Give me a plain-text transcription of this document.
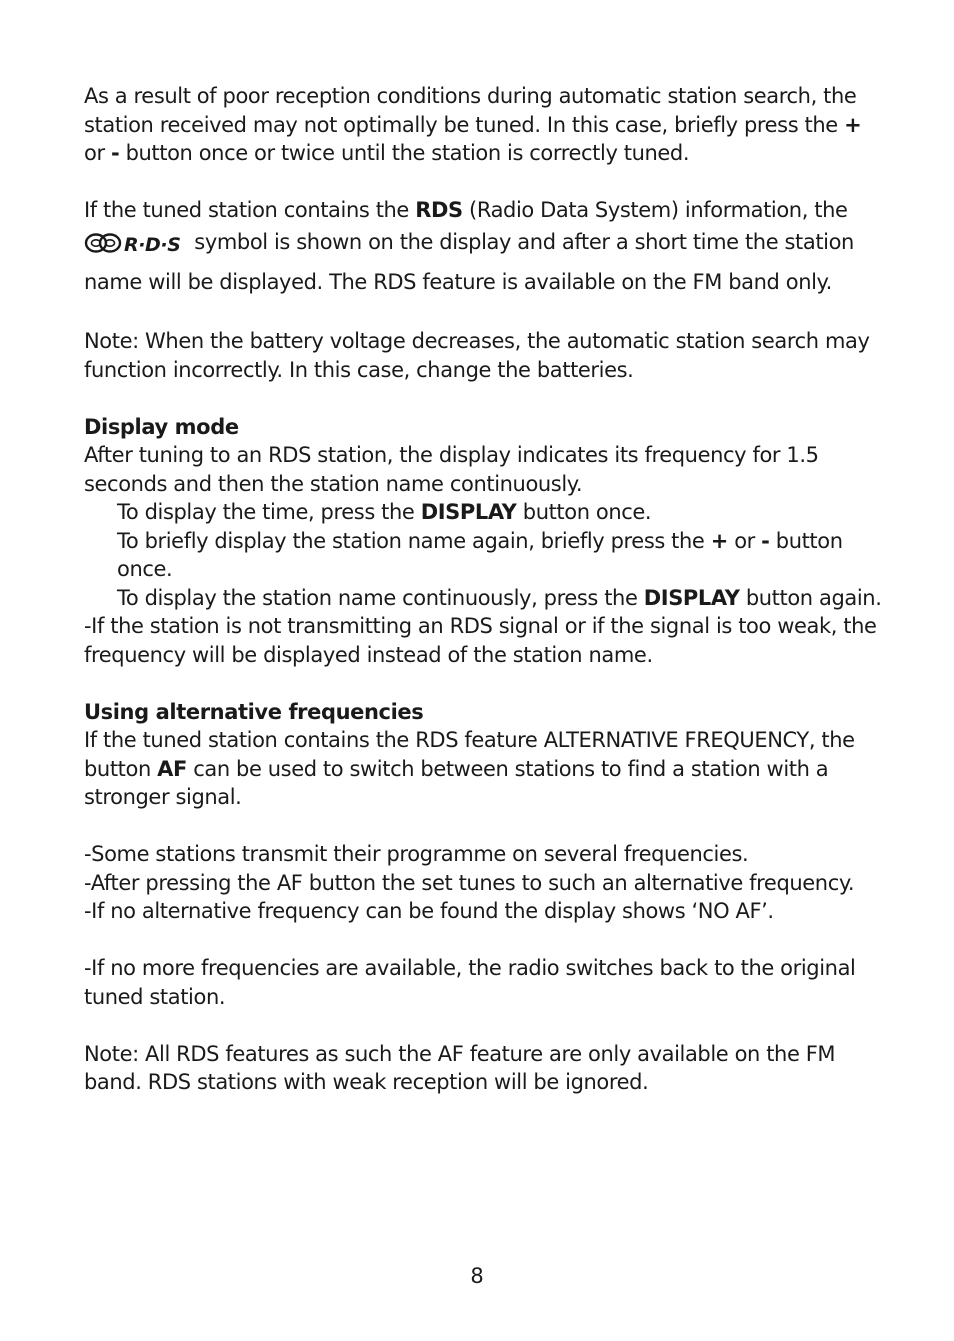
As a result of poor reception conditions during automatic station search, the station received may not optimally be tuned. In this case, briefly press the + or - button once or twice until the station is correctly tuned.

If the tuned station contains the RDS (Radio Data System) information, the

R·D·S symbol is shown on the display and after a short time the station name will be displayed. The RDS feature is available on the FM band only.

Note: When the battery voltage decreases, the automatic station search may function incorrectly. In this case, change the batteries.

Display mode

After tuning to an RDS station, the display indicates its frequency for 1.5 seconds and then the station name continuously.

To display the time, press the DISPLAY button once.

To briefly display the station name again, briefly press the + or - button once.

To display the station name continuously, press the DISPLAY button again.

-If the station is not transmitting an RDS signal or if the signal is too weak, the frequency will be displayed instead of the station name.

Using alternative frequencies

If the tuned station contains the RDS feature ALTERNATIVE FREQUENCY, the button AF can be used to switch between stations to find a station with a stronger signal.

-Some stations transmit their programme on several frequencies.

-After pressing the AF button the set tunes to such an alternative frequency.

-If no alternative frequency can be found the display shows ‘NO AF’.

-If no more frequencies are available, the radio switches back to the original tuned station.

Note: All RDS features as such the AF feature are only available on the FM band. RDS stations with weak reception will be ignored.

8
